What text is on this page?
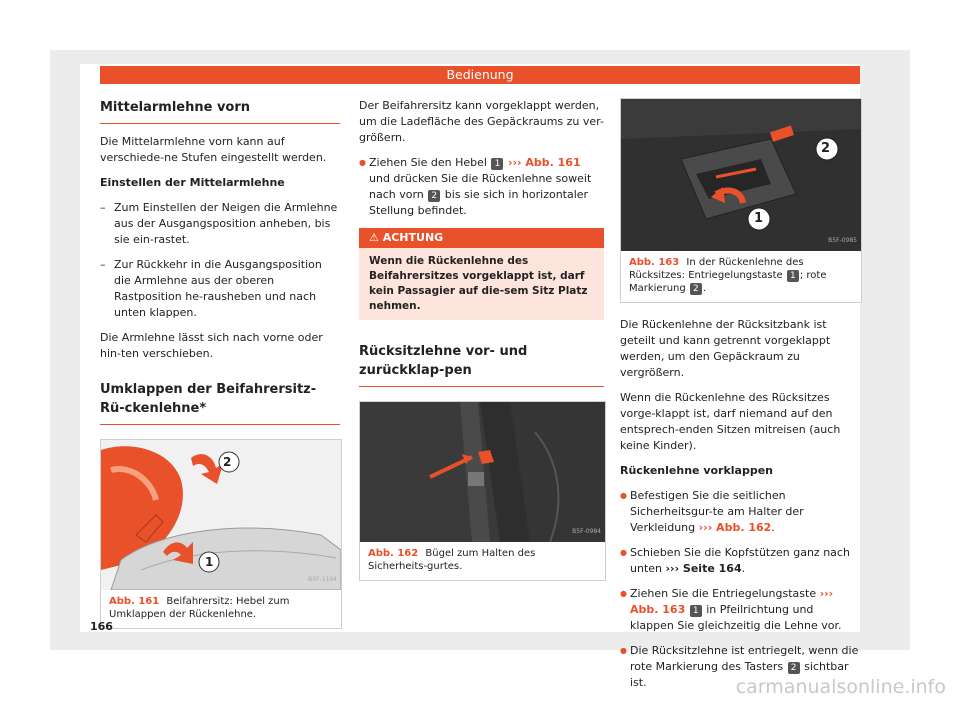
Bedienung
Mittelarmlehne vorn

Die Mittelarmlehne vorn kann auf verschiede-ne Stufen eingestellt werden.

Einstellen der Mittelarmlehne

– Zum Einstellen der Neigen die Armlehne aus der Ausgangsposition anheben, bis sie ein-rastet.

– Zur Rückkehr in die Ausgangsposition die Armlehne aus der oberen Rastposition he-rausheben und nach unten klappen.

Die Armlehne lässt sich nach vorne oder hin-ten verschieben.

Umklappen der Beifahrersitz-Rü-ckenlehne*
2
1
B5F-1104
Abb. 161 Beifahrersitz: Hebel zum Umklappen der Rückenlehne.

Der Beifahrersitz kann vorgeklappt werden, um die Ladefläche des Gepäckraums zu ver-größern.

● Ziehen Sie den Hebel 1 ››› Abb. 161 und drücken Sie die Rückenlehne soweit nach vorn 2 bis sie sich in horizontaler Stellung befindet.

⚠ ACHTUNG
Wenn die Rückenlehne des Beifahrersitzes vorgeklappt ist, darf kein Passagier auf die-sem Sitz Platz nehmen.
Rücksitzlehne vor- und zurückklap-pen
B5F-0984
Abb. 162 Bügel zum Halten des Sicherheits-gurtes.
2
1
B5F-0985
Abb. 163 In der Rückenlehne des Rücksitzes: Entriegelungstaste 1 ; rote Markierung 2 .

Die Rückenlehne der Rücksitzbank ist geteilt und kann getrennt vorgeklappt werden, um den Gepäckraum zu vergrößern.

Wenn die Rückenlehne des Rücksitzes vorge-klappt ist, darf niemand auf den entsprech-enden Sitzen mitreisen (auch keine Kinder).

Rückenlehne vorklappen

● Befestigen Sie die seitlichen Sicherheitsgur-te am Halter der Verkleidung ››› Abb. 162.

● Schieben Sie die Kopfstützen ganz nach unten ››› Seite 164.

● Ziehen Sie die Entriegelungstaste ››› Abb. 163 1 in Pfeilrichtung und klappen Sie gleichzeitig die Lehne vor.

● Die Rücksitzlehne ist entriegelt, wenn die rote Markierung des Tasters 2 sichtbar ist.

166
carmanualsonline.info
